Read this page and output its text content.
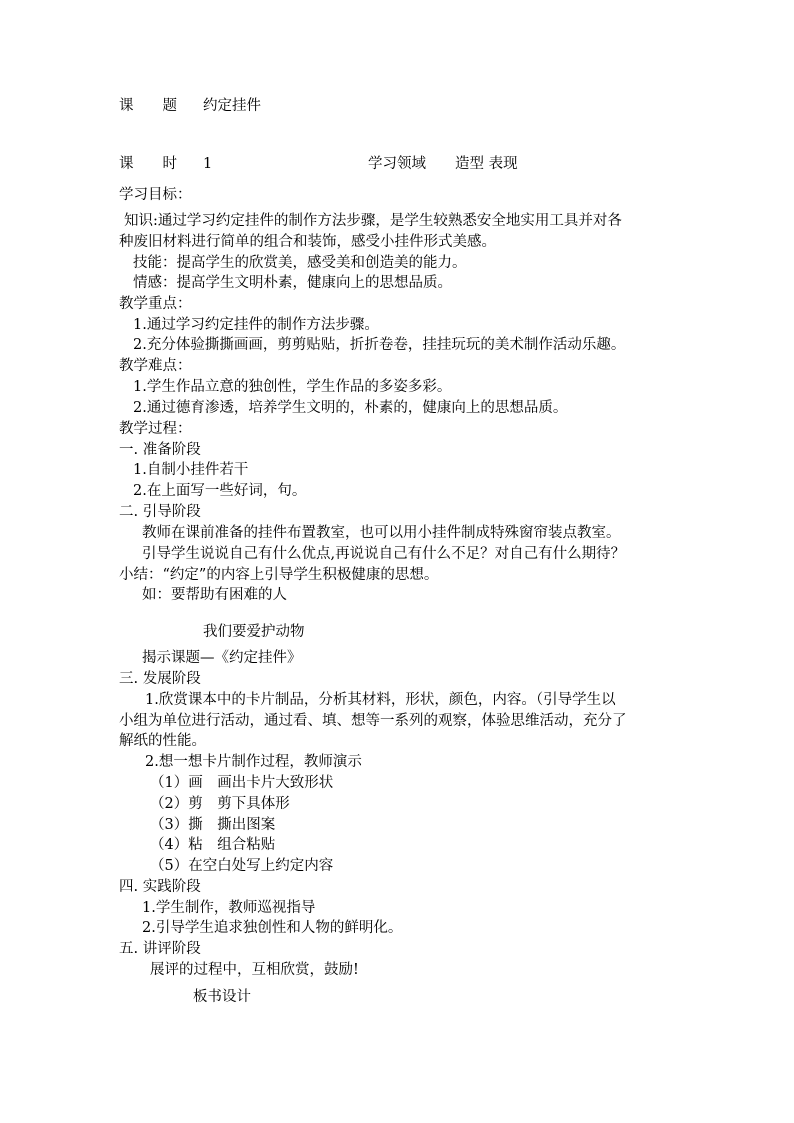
课　　题 约定挂件
课　　时 1	学习领域 造型 表现
学习目标：
知识:通过学习约定挂件的制作方法步骤，是学生较熟悉安全地实用工具并对各
种废旧材料进行简单的组合和装饰，感受小挂件形式美感。
技能：提高学生的欣赏美，感受美和创造美的能力。
情感：提高学生文明朴素，健康向上的思想品质。
教学重点：
1.通过学习约定挂件的制作方法步骤。
2.充分体验撕撕画画，剪剪贴贴，折折卷卷，挂挂玩玩的美术制作活动乐趣。
教学难点：
1.学生作品立意的独创性，学生作品的多姿多彩。
2.通过德育渗透，培养学生文明的，朴素的，健康向上的思想品质。
教学过程：
一. 准备阶段
1.自制小挂件若干
2.在上面写一些好词，句。
二. 引导阶段
教师在课前准备的挂件布置教室，也可以用小挂件制成特殊窗帘装点教室。
引导学生说说自己有什么优点,再说说自己有什么不足？对自己有什么期待？
小结：“约定”的内容上引导学生积极健康的思想。
如：要帮助有困难的人
我们要爱护动物
揭示课题—《约定挂件》
三. 发展阶段
1.欣赏课本中的卡片制品，分析其材料，形状，颜色，内容。（引导学生以
小组为单位进行活动，通过看、填、想等一系列的观察，体验思维活动，充分了
解纸的性能。
2.想一想卡片制作过程，教师演示
（1）画　画出卡片大致形状
（2）剪　剪下具体形
（3）撕　撕出图案
（4）粘　组合粘贴
（5）在空白处写上约定内容
四. 实践阶段
1.学生制作，教师巡视指导
2.引导学生追求独创性和人物的鲜明化。
五. 讲评阶段
展评的过程中，互相欣赏，鼓励!
板书设计
